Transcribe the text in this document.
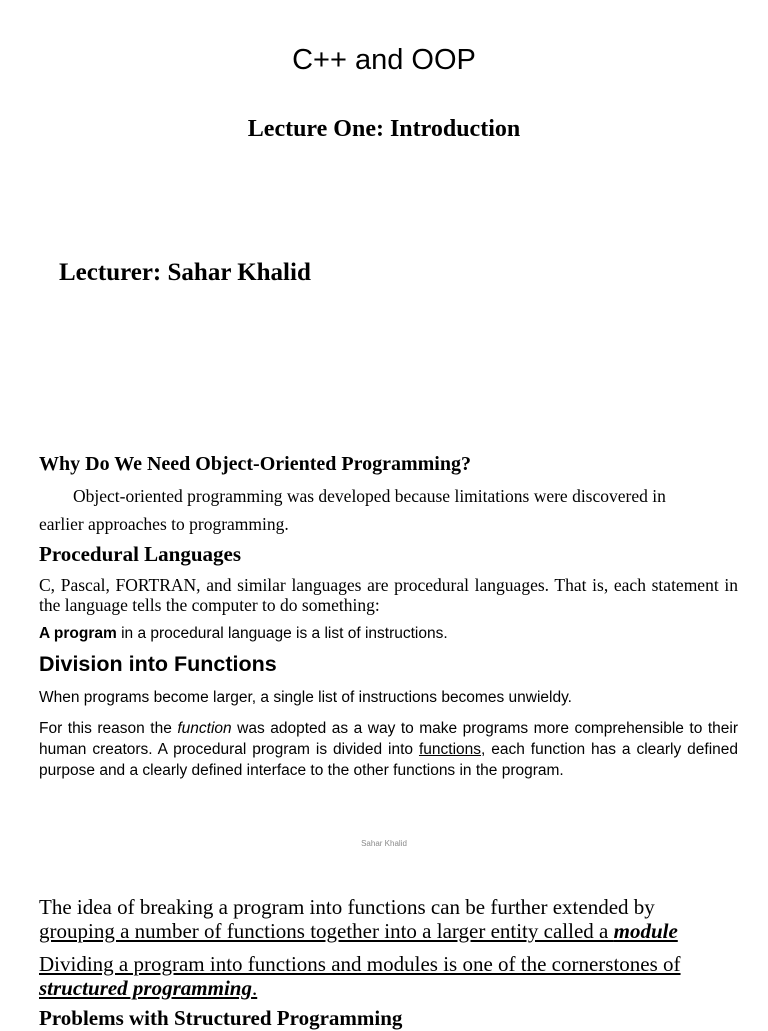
C++ and OOP
Lecture One: Introduction
Lecturer: Sahar Khalid
Why Do We Need Object-Oriented Programming?
Object-oriented programming was developed because limitations were discovered in
earlier approaches to programming.
Procedural Languages
C, Pascal, FORTRAN, and similar languages are procedural languages. That is, each statement in the language tells the computer to do something:
A program in a procedural language is a list of instructions.
Division into Functions
When programs become larger, a single list of instructions becomes unwieldy.
For this reason the function was adopted as a way to make programs more comprehensible to their human creators. A procedural program is divided into functions, each function has a clearly defined purpose and a clearly defined interface to the other functions in the program.
Sahar Khalid
The idea of breaking a program into functions can be further extended by
grouping a number of functions together into a larger entity called a module
Dividing a program into functions and modules is one of the cornerstones of
structured programming.
Problems with Structured Programming
